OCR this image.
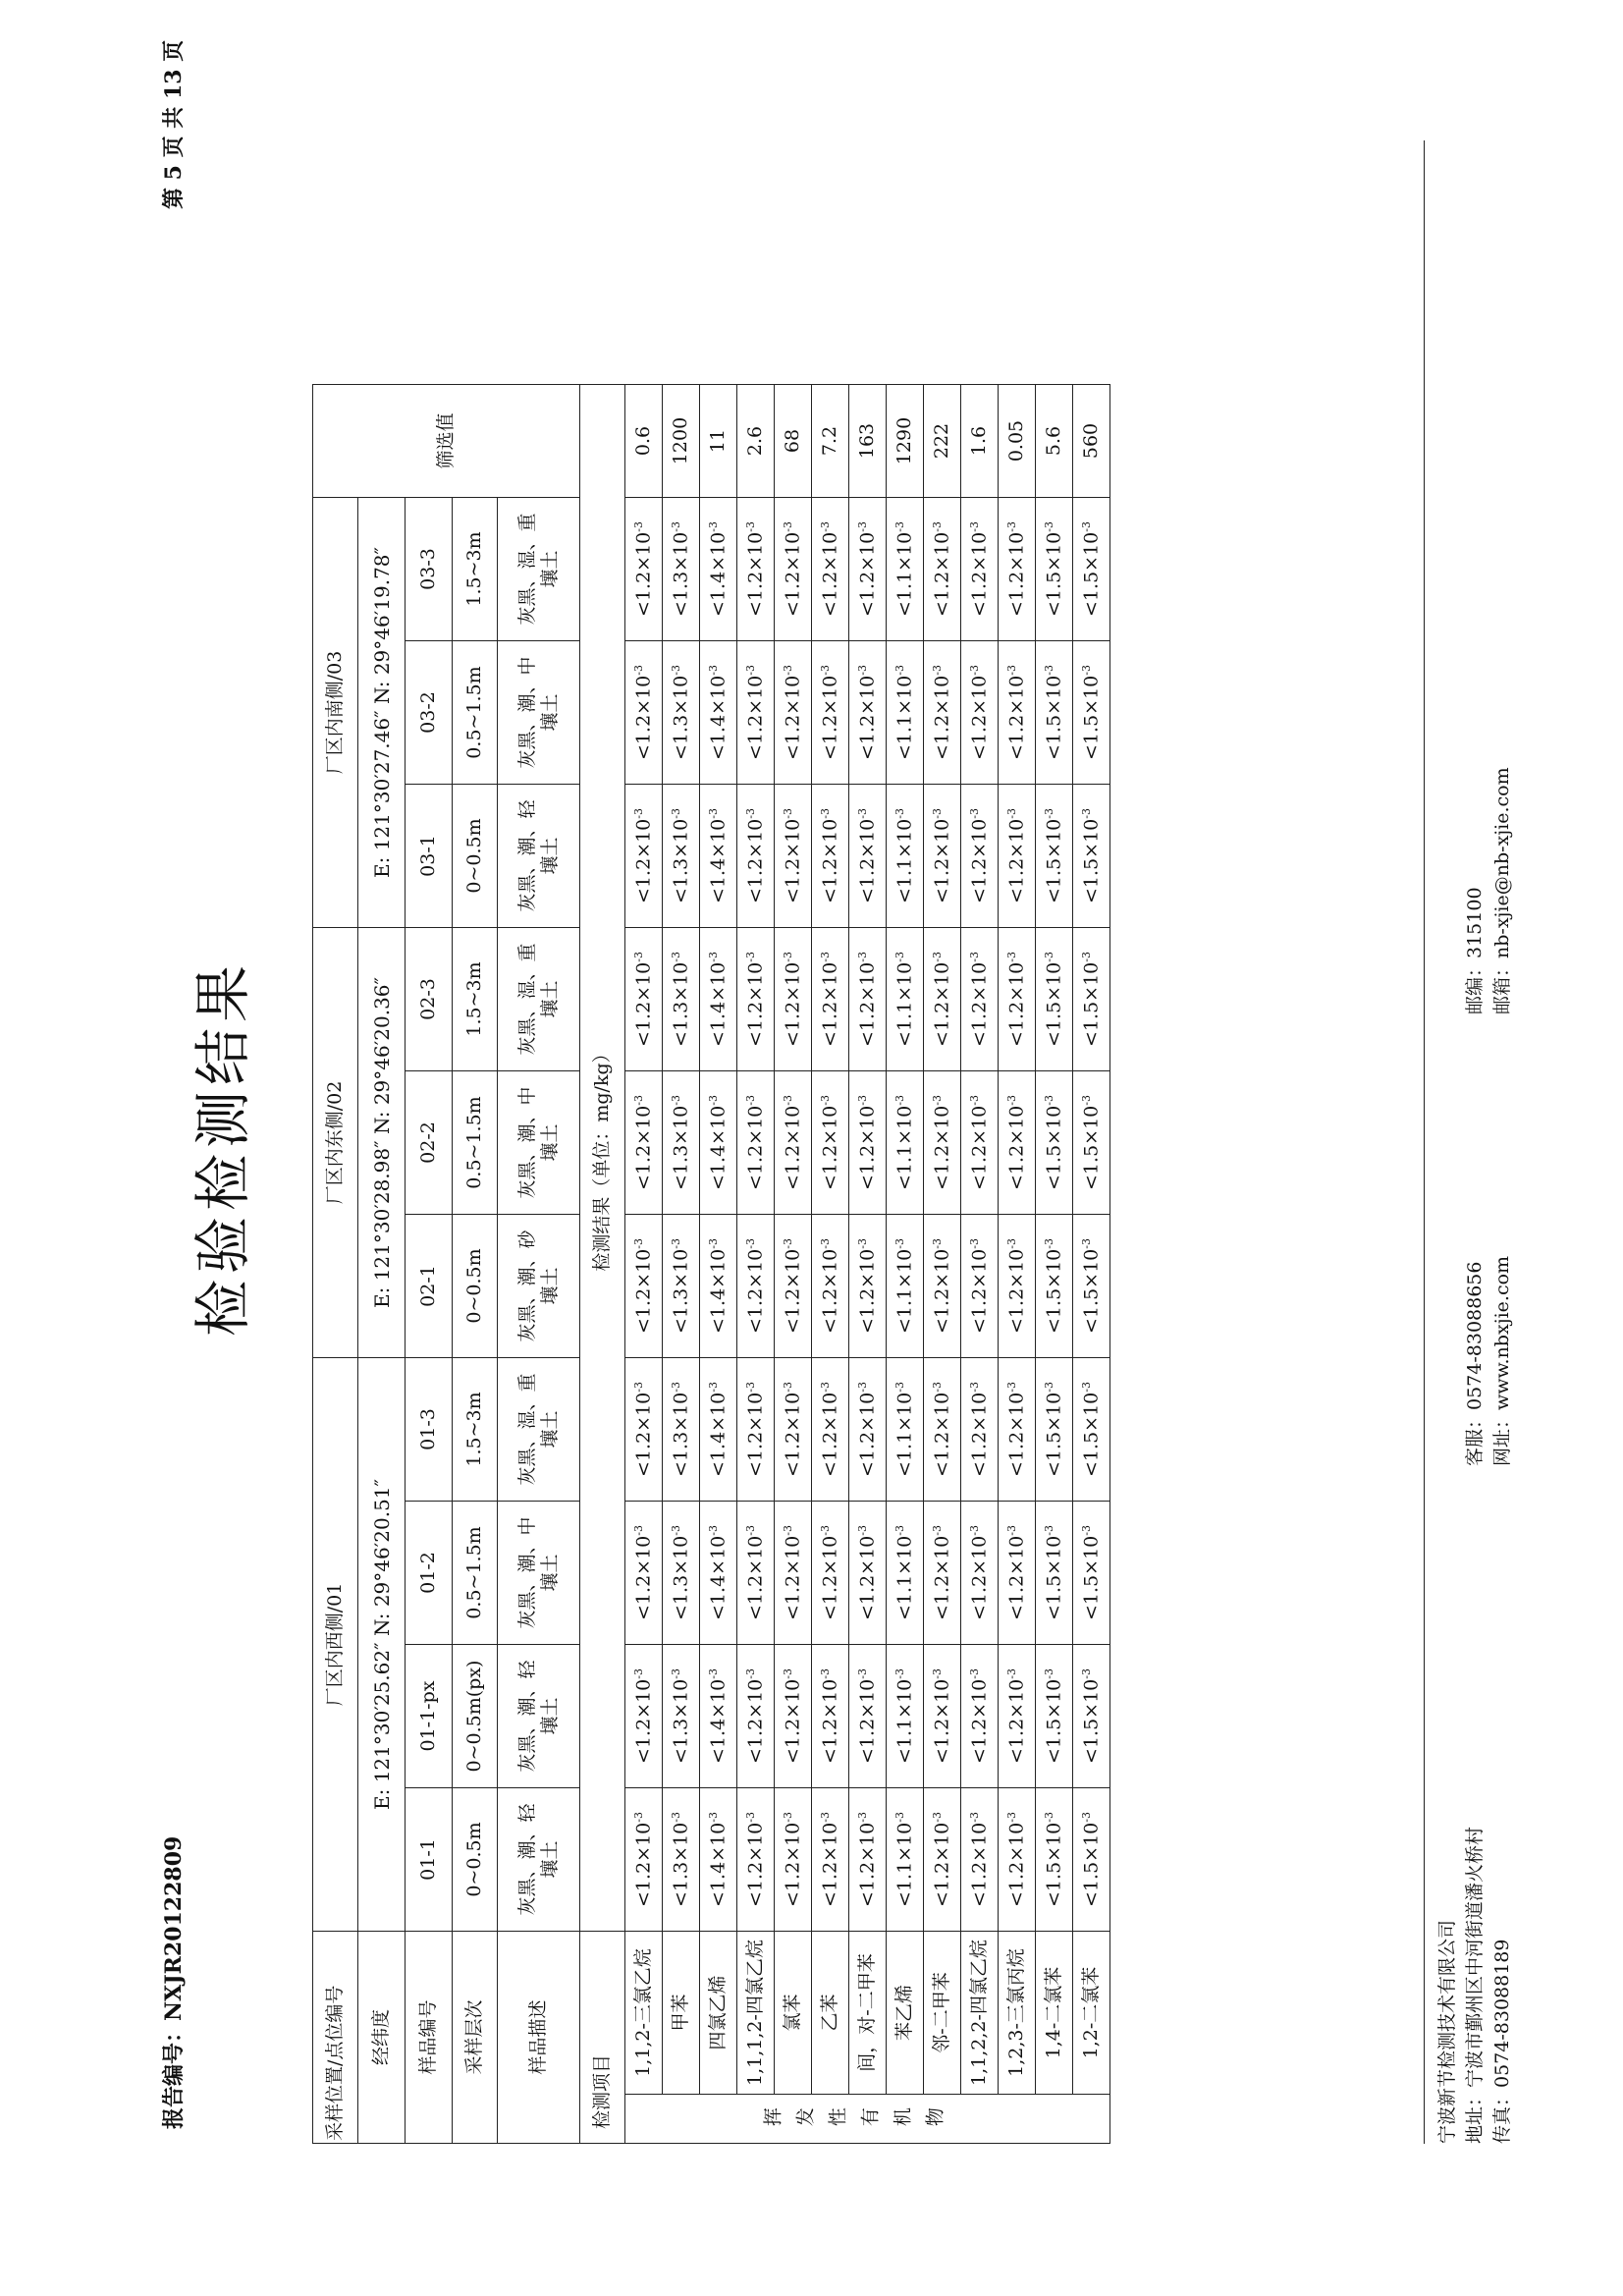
报告编号：NXJR20122809
第 5 页 共 13 页
检验检测结果
采样位置/点位编号		厂区内西侧/01				厂区内东侧/02			厂区内南侧/03			筛选值
经纬度		E: 121°30′25.62″ N: 29°46′20.51″				E: 121°30′28.98″ N: 29°46′20.36″			E: 121°30′27.46″ N: 29°46′19.78″			
样品编号		01-1	01-1-px	01-2	01-3	02-1	02-2	02-3	03-1	03-2	03-3	
采样层次		0~0.5m	0~0.5m(px)	0.5~1.5m	1.5~3m	0~0.5m	0.5~1.5m	1.5~3m	0~0.5m	0.5~1.5m	1.5~3m	
样品描述		灰黑、潮、轻壤土	灰黑、潮、轻壤土	灰黑、潮、中壤土	灰黑、湿、重壤土	灰黑、潮、砂壤土	灰黑、潮、中壤土	灰黑、湿、重壤土	灰黑、潮、轻壤土	灰黑、潮、中壤土	灰黑、湿、重壤土	
检测项目		检测结果（单位：mg/kg）										
挥发性有机物	1,1,2-三氯乙烷	$<1.2\times 10^{-3}$	$<1.2\times 10^{-3}$	$<1.2\times 10^{-3}$	$<1.2\times 10^{-3}$	$<1.2\times 10^{-3}$	$<1.2\times 10^{-3}$	$<1.2\times 10^{-3}$	$<1.2\times 10^{-3}$	$<1.2\times 10^{-3}$	$<1.2\times 10^{-3}$	0.6
	甲苯	$<1.3\times 10^{-3}$	$<1.3\times 10^{-3}$	$<1.3\times 10^{-3}$	$<1.3\times 10^{-3}$	$<1.3\times 10^{-3}$	$<1.3\times 10^{-3}$	$<1.3\times 10^{-3}$	$<1.3\times 10^{-3}$	$<1.3\times 10^{-3}$	$<1.3\times 10^{-3}$	1200
	四氯乙烯	$<1.4\times 10^{-3}$	$<1.4\times 10^{-3}$	$<1.4\times 10^{-3}$	$<1.4\times 10^{-3}$	$<1.4\times 10^{-3}$	$<1.4\times 10^{-3}$	$<1.4\times 10^{-3}$	$<1.4\times 10^{-3}$	$<1.4\times 10^{-3}$	$<1.4\times 10^{-3}$	11
	1,1,1,2-四氯乙烷	$<1.2\times 10^{-3}$	$<1.2\times 10^{-3}$	$<1.2\times 10^{-3}$	$<1.2\times 10^{-3}$	$<1.2\times 10^{-3}$	$<1.2\times 10^{-3}$	$<1.2\times 10^{-3}$	$<1.2\times 10^{-3}$	$<1.2\times 10^{-3}$	$<1.2\times 10^{-3}$	2.6
	氯苯	$<1.2\times 10^{-3}$	$<1.2\times 10^{-3}$	$<1.2\times 10^{-3}$	$<1.2\times 10^{-3}$	$<1.2\times 10^{-3}$	$<1.2\times 10^{-3}$	$<1.2\times 10^{-3}$	$<1.2\times 10^{-3}$	$<1.2\times 10^{-3}$	$<1.2\times 10^{-3}$	68
	乙苯	$<1.2\times 10^{-3}$	$<1.2\times 10^{-3}$	$<1.2\times 10^{-3}$	$<1.2\times 10^{-3}$	$<1.2\times 10^{-3}$	$<1.2\times 10^{-3}$	$<1.2\times 10^{-3}$	$<1.2\times 10^{-3}$	$<1.2\times 10^{-3}$	$<1.2\times 10^{-3}$	7.2
	间，对-二甲苯	$<1.2\times 10^{-3}$	$<1.2\times 10^{-3}$	$<1.2\times 10^{-3}$	$<1.2\times 10^{-3}$	$<1.2\times 10^{-3}$	$<1.2\times 10^{-3}$	$<1.2\times 10^{-3}$	$<1.2\times 10^{-3}$	$<1.2\times 10^{-3}$	$<1.2\times 10^{-3}$	163
	苯乙烯	$<1.1\times 10^{-3}$	$<1.1\times 10^{-3}$	$<1.1\times 10^{-3}$	$<1.1\times 10^{-3}$	$<1.1\times 10^{-3}$	$<1.1\times 10^{-3}$	$<1.1\times 10^{-3}$	$<1.1\times 10^{-3}$	$<1.1\times 10^{-3}$	$<1.1\times 10^{-3}$	1290
	邻-二甲苯	$<1.2\times 10^{-3}$	$<1.2\times 10^{-3}$	$<1.2\times 10^{-3}$	$<1.2\times 10^{-3}$	$<1.2\times 10^{-3}$	$<1.2\times 10^{-3}$	$<1.2\times 10^{-3}$	$<1.2\times 10^{-3}$	$<1.2\times 10^{-3}$	$<1.2\times 10^{-3}$	222
	1,1,2,2-四氯乙烷	$<1.2\times 10^{-3}$	$<1.2\times 10^{-3}$	$<1.2\times 10^{-3}$	$<1.2\times 10^{-3}$	$<1.2\times 10^{-3}$	$<1.2\times 10^{-3}$	$<1.2\times 10^{-3}$	$<1.2\times 10^{-3}$	$<1.2\times 10^{-3}$	$<1.2\times 10^{-3}$	1.6
	1,2,3-三氯丙烷	$<1.2\times 10^{-3}$	$<1.2\times 10^{-3}$	$<1.2\times 10^{-3}$	$<1.2\times 10^{-3}$	$<1.2\times 10^{-3}$	$<1.2\times 10^{-3}$	$<1.2\times 10^{-3}$	$<1.2\times 10^{-3}$	$<1.2\times 10^{-3}$	$<1.2\times 10^{-3}$	0.05
	1,4-二氯苯	$<1.5\times 10^{-3}$	$<1.5\times 10^{-3}$	$<1.5\times 10^{-3}$	$<1.5\times 10^{-3}$	$<1.5\times 10^{-3}$	$<1.5\times 10^{-3}$	$<1.5\times 10^{-3}$	$<1.5\times 10^{-3}$	$<1.5\times 10^{-3}$	$<1.5\times 10^{-3}$	5.6
	1,2-二氯苯	$<1.5\times 10^{-3}$	$<1.5\times 10^{-3}$	$<1.5\times 10^{-3}$	$<1.5\times 10^{-3}$	$<1.5\times 10^{-3}$	$<1.5\times 10^{-3}$	$<1.5\times 10^{-3}$	$<1.5\times 10^{-3}$	$<1.5\times 10^{-3}$	$<1.5\times 10^{-3}$	560
宁波新节检测技术有限公司 地址：宁波市鄞州区中河街道潘火桥村 传真：0574-83088189
客服：0574-83088656 网址：www.nbxjie.com
邮编：315100 邮箱：nb-xjie@nb-xjie.com
